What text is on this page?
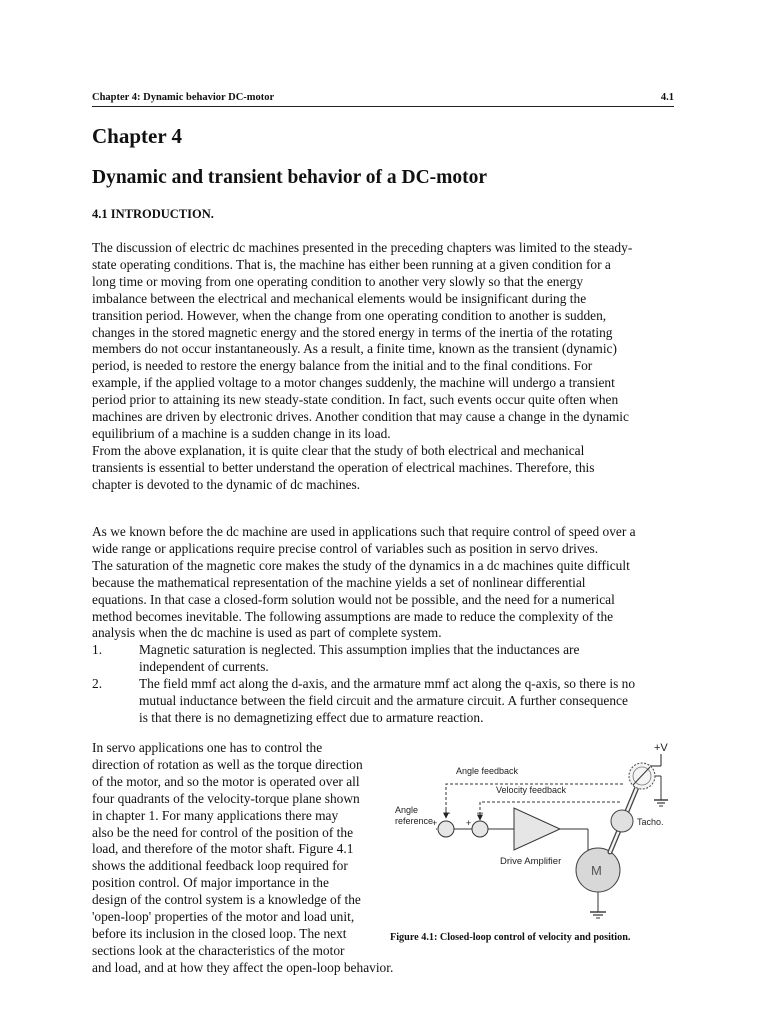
Chapter 4: Dynamic behavior DC-motor	4.1
Chapter 4
Dynamic and transient behavior of a DC-motor
4.1 INTRODUCTION.

The discussion of electric dc machines presented in the preceding chapters was limited to the steady-
state operating conditions. That is, the machine has either been running at a given condition for a
long time or moving from one operating condition to another very slowly so that the energy
imbalance between the electrical and mechanical elements would be insignificant during the
transition period. However, when the change from one operating condition to another is sudden,
changes in the stored magnetic energy and the stored energy in terms of the inertia of the rotating
members do not occur instantaneously. As a result, a finite time, known as the transient (dynamic)
period, is needed to restore the energy balance from the initial and to the final conditions. For
example, if the applied voltage to a motor changes suddenly, the machine will undergo a transient
period prior to attaining its new steady-state condition. In fact, such events occur quite often when
machines are driven by electronic drives. Another condition that may cause a change in the dynamic
equilibrium of a machine is a sudden change in its load.
From the above explanation, it is quite clear that the study of both electrical and mechanical
transients is essential to better understand the operation of electrical machines. Therefore, this
chapter is devoted to the dynamic of dc machines.

As we known before the dc machine are used in applications such that require control of speed over a
wide range or applications require precise control of variables such as position in servo drives.
The saturation of the magnetic core makes the study of the dynamics in a dc machines quite difficult
because the mathematical representation of the machine yields a set of nonlinear differential
equations. In that case a closed-form solution would not be possible, and the need for a numerical
method becomes inevitable. The following assumptions are made to reduce the complexity of the
analysis when the dc machine is used as part of complete system.

1.	Magnetic saturation is neglected. This assumption implies that the inductances are
independent of currents.
2.	The field mmf act along the d-axis, and the armature mmf act along the q-axis, so there is no
mutual inductance between the field circuit and the armature circuit. A further consequence
is that there is no demagnetizing effect due to armature reaction.
In servo applications one has to control the
direction of rotation as well as the torque direction
of the motor, and so the motor is operated over all
four quadrants of the velocity-torque plane shown
in chapter 1. For many applications there may
also be the need for control of the position of the
load, and therefore of the motor shaft. Figure 4.1
shows the additional feedback loop required for
position control. Of major importance in the
design of the control system is a knowledge of the
'open-loop' properties of the motor and load unit,
before its inclusion in the closed loop. The next
sections look at the characteristics of the motor
and load, and at how they affect the open-loop behavior.
+V
Angle feedback
Velocity feedback
Angle
reference
+
–
+
–
Drive Amplifier
M
Tacho.
Figure 4.1: Closed-loop control of velocity and position.
